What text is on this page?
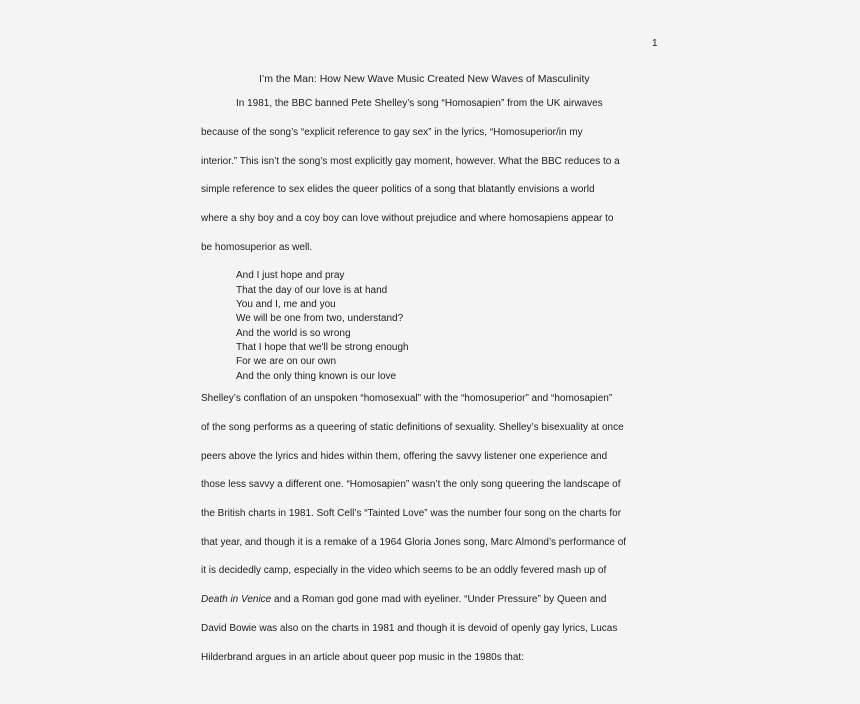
1
I’m the Man: How New Wave Music Created New Waves of Masculinity
In 1981, the BBC banned Pete Shelley’s song “Homosapien” from the UK airwaves
because of the song’s “explicit reference to gay sex” in the lyrics, “Homosuperior/in my
interior.” This isn’t the song’s most explicitly gay moment, however. What the BBC reduces to a
simple reference to sex elides the queer politics of a song that blatantly envisions a world
where a shy boy and a coy boy can love without prejudice and where homosapiens appear to
be homosuperior as well.
And I just hope and pray
That the day of our love is at hand
You and I, me and you
We will be one from two, understand?
And the world is so wrong
That I hope that we'll be strong enough
For we are on our own
And the only thing known is our love
Shelley’s conflation of an unspoken “homosexual” with the “homosuperior” and “homosapien”
of the song performs as a queering of static definitions of sexuality. Shelley’s bisexuality at once
peers above the lyrics and hides within them, offering the savvy listener one experience and
those less savvy a different one. “Homosapien” wasn’t the only song queering the landscape of
the British charts in 1981. Soft Cell’s “Tainted Love” was the number four song on the charts for
that year, and though it is a remake of a 1964 Gloria Jones song, Marc Almond’s performance of
it is decidedly camp, especially in the video which seems to be an oddly fevered mash up of
Death in Venice and a Roman god gone mad with eyeliner. “Under Pressure” by Queen and
David Bowie was also on the charts in 1981 and though it is devoid of openly gay lyrics, Lucas
Hilderbrand argues in an article about queer pop music in the 1980s that:
